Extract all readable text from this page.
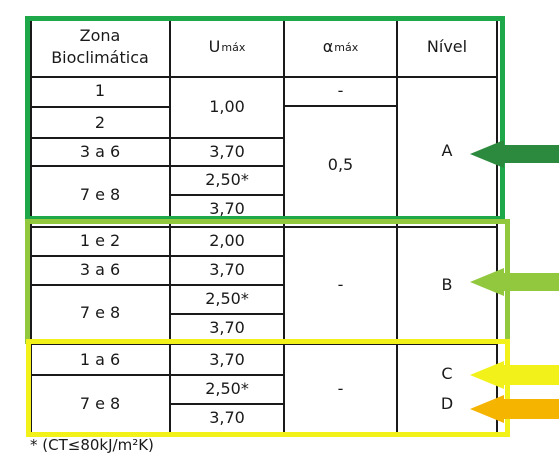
Zona
Bioclimática
U máx	α máx	Nível
1
2
3 a 6
7 e 8
1 e 2
3 a 6
7 e 8
1 a 6
7 e 8
1,00
3,70
2,50*
3,70
2,00
3,70
2,50*
3,70
3,70
2,50*
3,70
-
0,5
-
-
A
B
C
D
* (CT≤80kJ/m²K)
